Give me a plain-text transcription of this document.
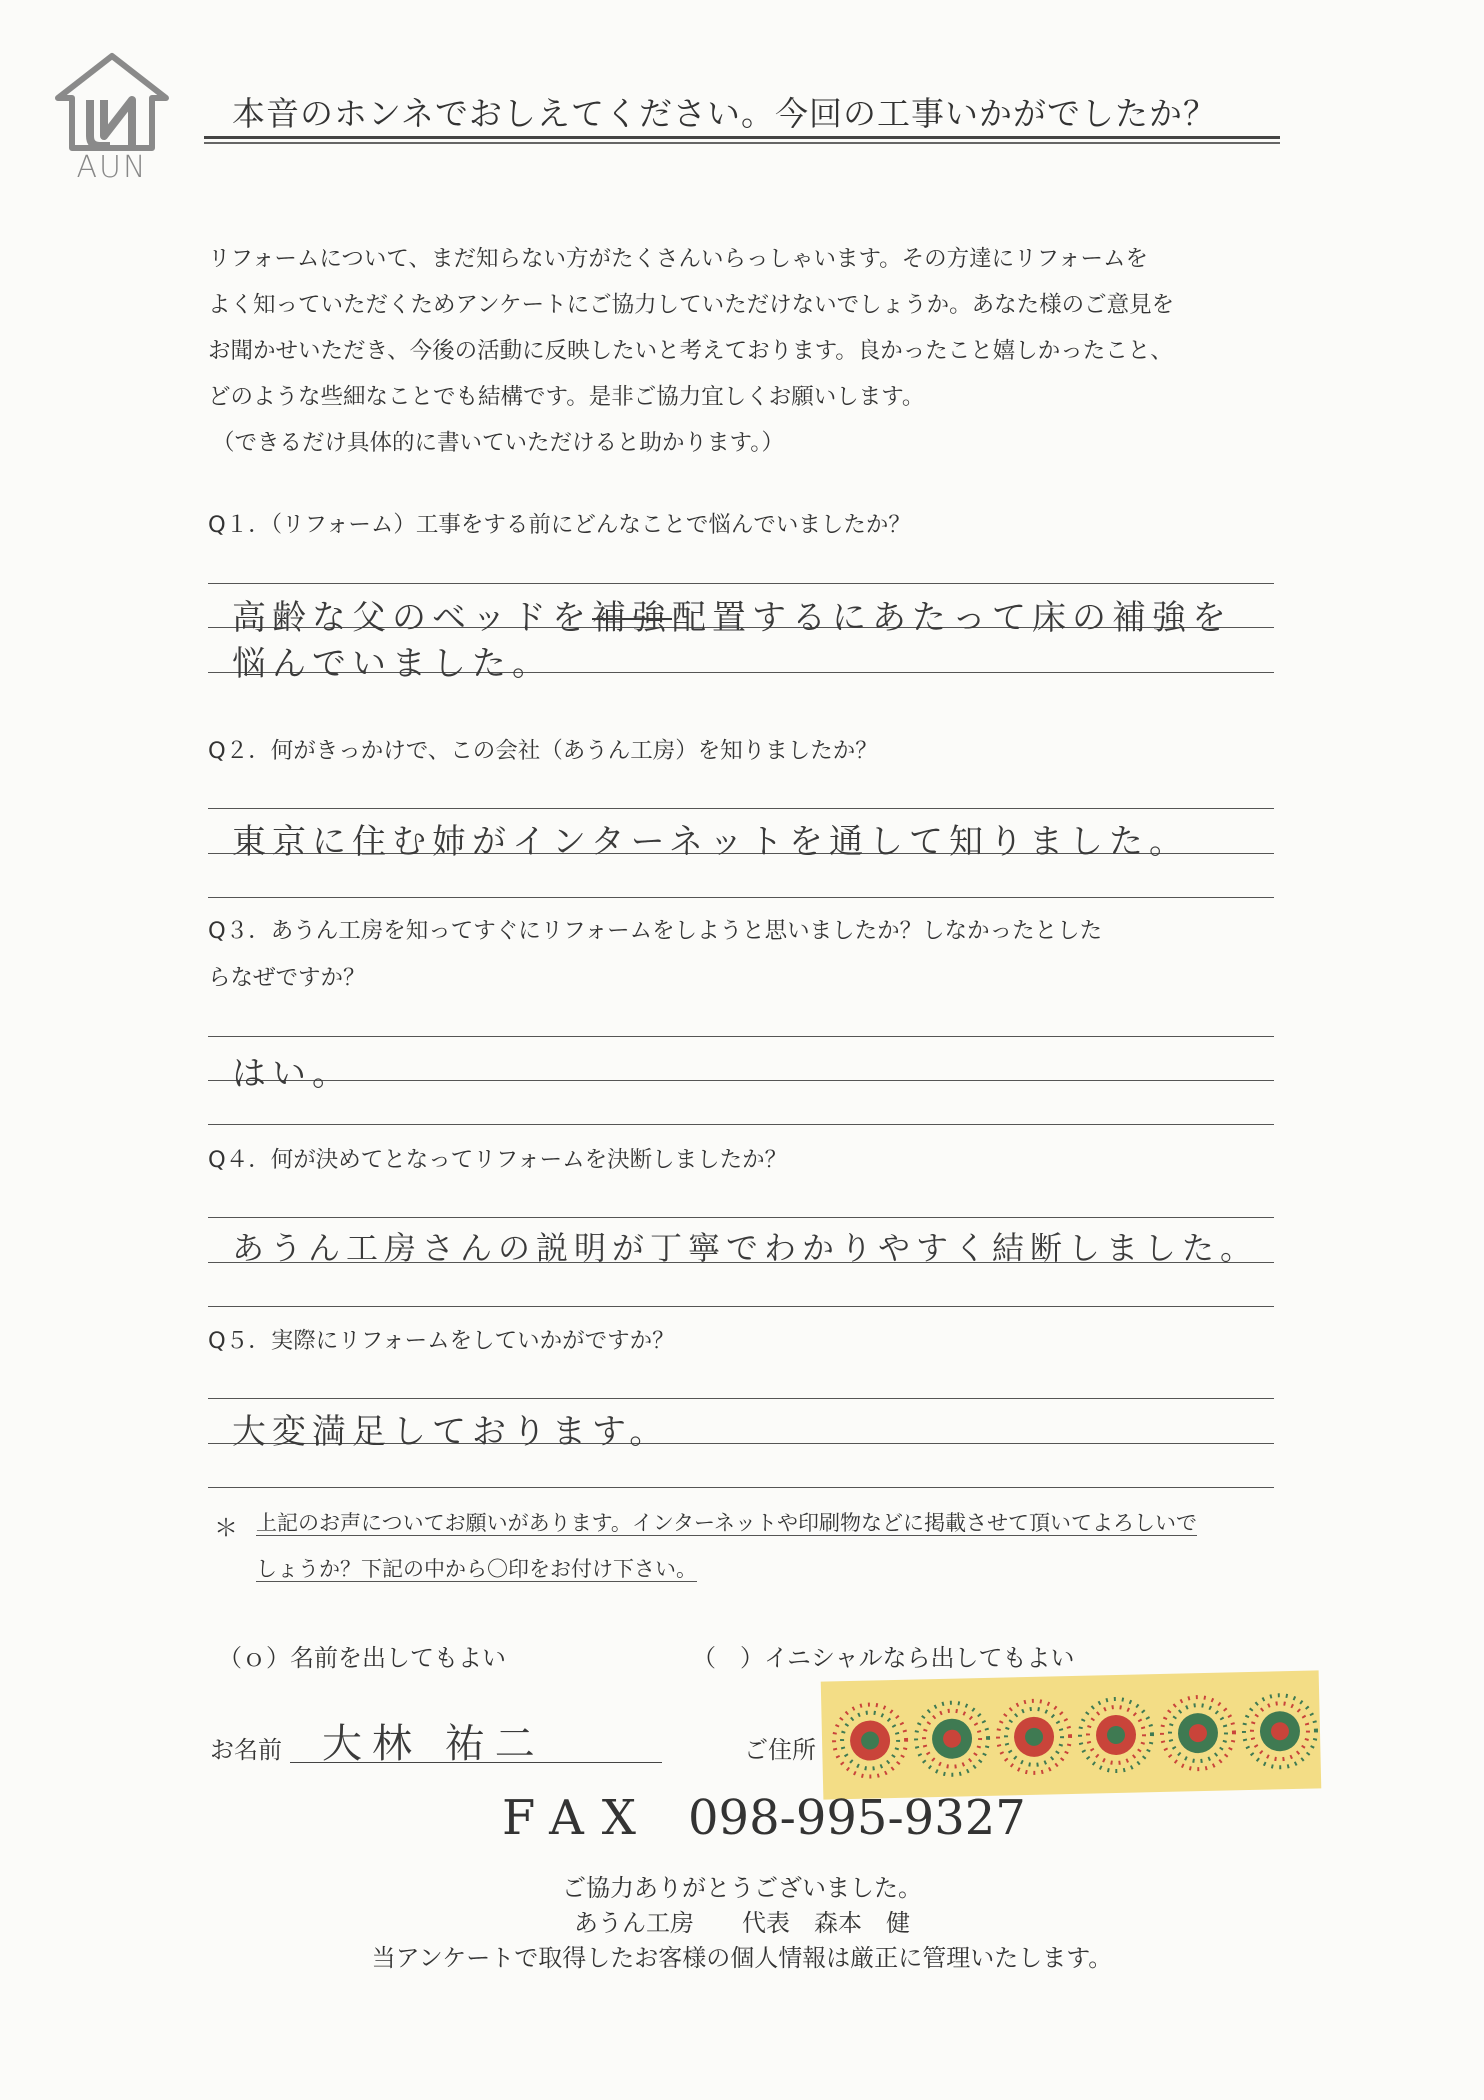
AUN
本音のホンネでおしえてください。今回の工事いかがでしたか？
リフォームについて、まだ知らない方がたくさんいらっしゃいます。その方達にリフォームを
よく知っていただくためアンケートにご協力していただけないでしょうか。あなた様のご意見を
お聞かせいただき、今後の活動に反映したいと考えております。良かったこと嬉しかったこと、
どのような些細なことでも結構です。是非ご協力宜しくお願いします。
（できるだけ具体的に書いていただけると助かります。）
Q１．（リフォーム）工事をする前にどんなことで悩んでいましたか？
高齢な父のベッドを補強配置するにあたって床の補強を
悩んでいました。
Q２．何がきっかけで、この会社（あうん工房）を知りましたか？
東京に住む姉がインターネットを通して知りました。
Q３．あうん工房を知ってすぐにリフォームをしようと思いましたか？しなかったとした
らなぜですか？
はい。
Q４．何が決めてとなってリフォームを決断しましたか？
あうん工房さんの説明が丁寧でわかりやすく結断しました。
Q５．実際にリフォームをしていかがですか？
大変満足しております。
＊ 上記のお声についてお願いがあります。インターネットや印刷物などに掲載させて頂いてよろしいで
しょうか？下記の中から〇印をお付け下さい。
（ｏ）名前を出してもよい	（　）イニシャルなら出してもよい
お名前 大林 祐二	ご住所
FAX 098-995-9327
ご協力ありがとうございました。
あうん工房　　代表　森本　健
当アンケートで取得したお客様の個人情報は厳正に管理いたします。
